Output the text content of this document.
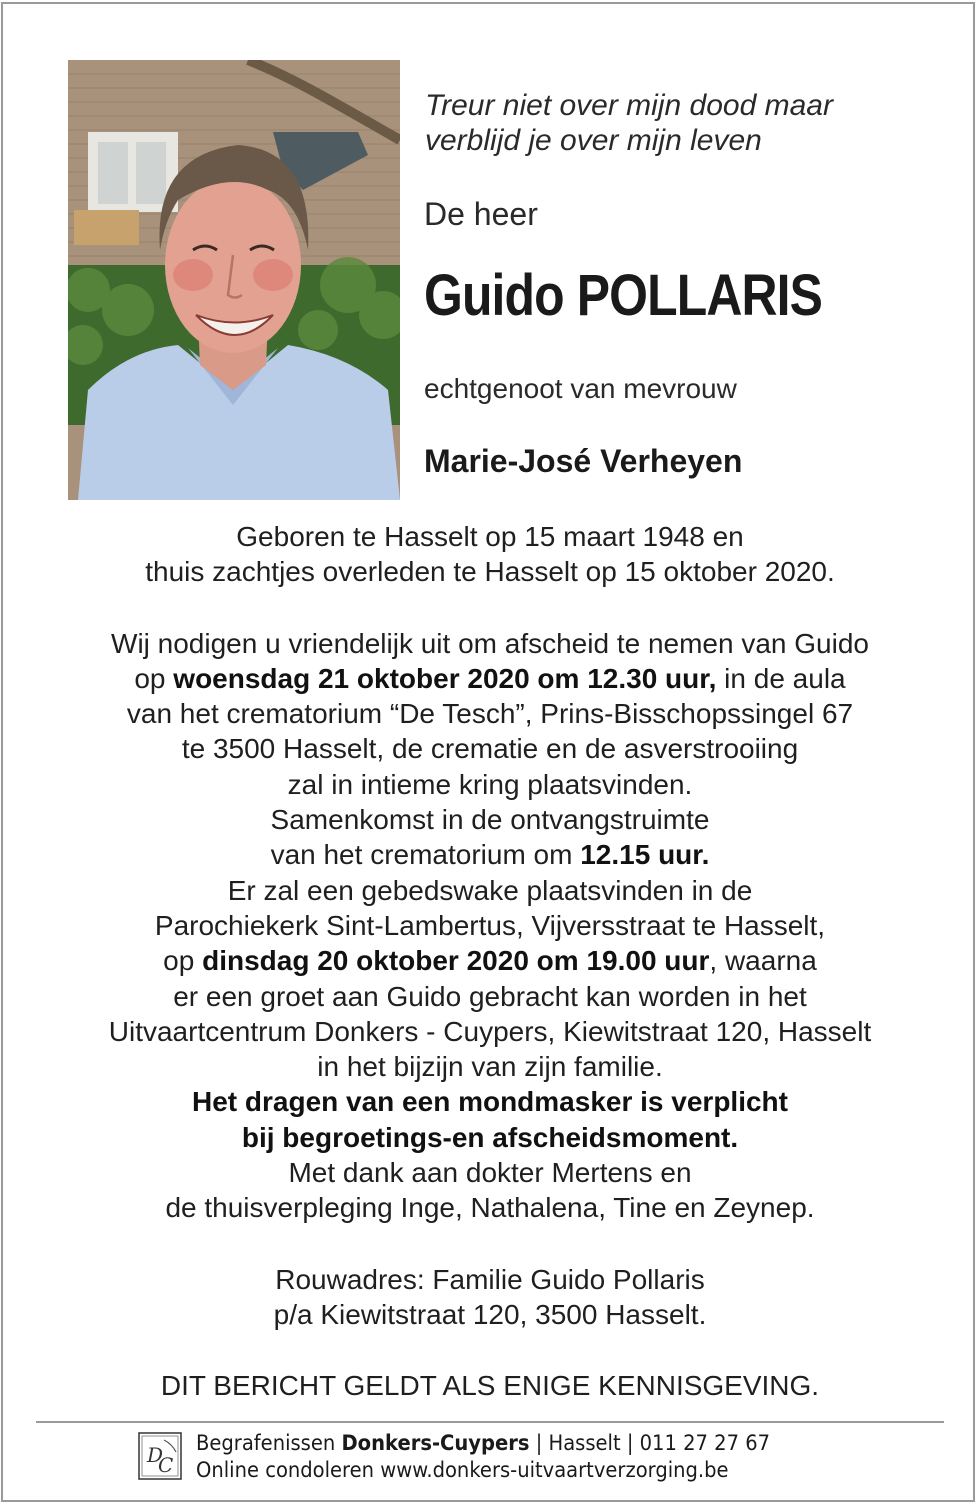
Treur niet over mijn dood maar
verblijd je over mijn leven
De heer
Guido POLLARIS
echtgenoot van mevrouw
Marie-José Verheyen
Geboren te Hasselt op 15 maart 1948 en
thuis zachtjes overleden te Hasselt op 15 oktober 2020.
Wij nodigen u vriendelijk uit om afscheid te nemen van Guido
op woensdag 21 oktober 2020 om 12.30 uur, in de aula
van het crematorium “De Tesch”, Prins-Bisschopssingel 67
te 3500 Hasselt, de crematie en de asverstrooiing
zal in intieme kring plaatsvinden.
Samenkomst in de ontvangstruimte
van het crematorium om 12.15 uur.
Er zal een gebedswake plaatsvinden in de
Parochiekerk Sint-Lambertus, Vijversstraat te Hasselt,
op dinsdag 20 oktober 2020 om 19.00 uur, waarna
er een groet aan Guido gebracht kan worden in het
Uitvaartcentrum Donkers - Cuypers, Kiewitstraat 120, Hasselt
in het bijzijn van zijn familie.
Het dragen van een mondmasker is verplicht
bij begroetings-en afscheidsmoment.
Met dank aan dokter Mertens en
de thuisverpleging Inge, Nathalena, Tine en Zeynep.
Rouwadres: Familie Guido Pollaris
p/a Kiewitstraat 120, 3500 Hasselt.
DIT BERICHT GELDT ALS ENIGE KENNISGEVING.
D
C
Begrafenissen Donkers-Cuypers | Hasselt | 011 27 27 67
Online condoleren www.donkers-uitvaartverzorging.be
